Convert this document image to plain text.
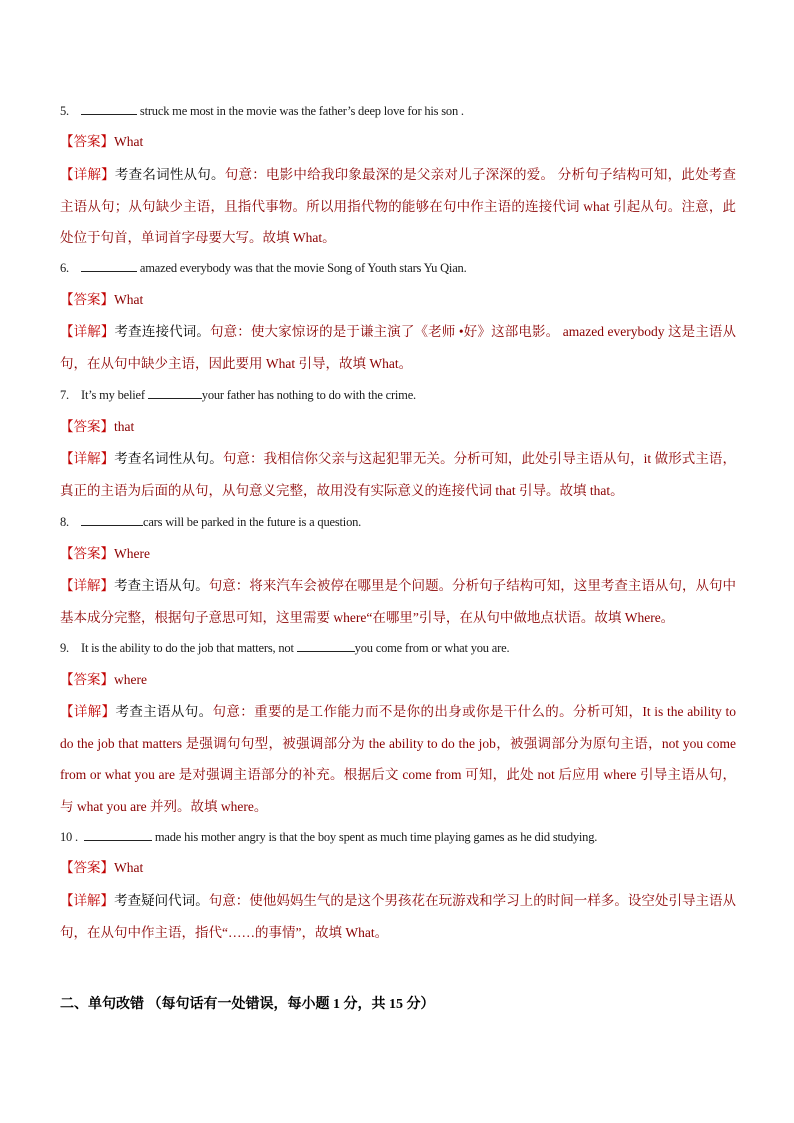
5.	struck me most in the movie was the father’s deep love for his son .
【答案】What
【详解】考查名词性从句。句意：电影中给我印象最深的是父亲对儿子深深的爱。 分析句子结构可知，此处考查主语从句；从句缺少主语，且指代事物。所以用指代物的能够在句中作主语的连接代词 what 引起从句。注意，此处位于句首，单词首字母要大写。故填 What。
6.	amazed everybody was that the movie Song of Youth stars Yu Qian.
【答案】What
【详解】考查连接代词。句意：使大家惊讶的是于谦主演了《老师 •好》这部电影。 amazed everybody 这是主语从句，在从句中缺少主语，因此要用 What 引导，故填 What。
7. It’s my belief	your father has nothing to do with the crime.
【答案】that
【详解】考查名词性从句。句意：我相信你父亲与这起犯罪无关。分析可知，此处引导主语从句，it 做形式主语，真正的主语为后面的从句，从句意义完整，故用没有实际意义的连接代词 that 引导。故填 that。
8.	cars will be parked in the future is a question.
【答案】Where
【详解】考查主语从句。句意：将来汽车会被停在哪里是个问题。分析句子结构可知，这里考查主语从句，从句中基本成分完整，根据句子意思可知，这里需要 where“在哪里”引导，在从句中做地点状语。故填 Where。
9. It is the ability to do the job that matters, not	you come from or what you are.
【答案】where
【详解】考查主语从句。句意：重要的是工作能力而不是你的出身或你是干什么的。分析可知，It is the ability to do the job that matters 是强调句句型，被强调部分为 the ability to do the job，被强调部分为原句主语，not you come from or what you are 是对强调主语部分的补充。根据后文 come from 可知，此处 not 后应用 where 引导主语从句，与 what you are 并列。故填 where。
10 .	made his mother angry is that the boy spent as much time playing games as he did studying.
【答案】What
【详解】考查疑问代词。句意：使他妈妈生气的是这个男孩花在玩游戏和学习上的时间一样多。设空处引导主语从句，在从句中作主语，指代“……的事情”，故填 What。
二、单句改错 （每句话有一处错误，每小题 1 分，共 15 分）
